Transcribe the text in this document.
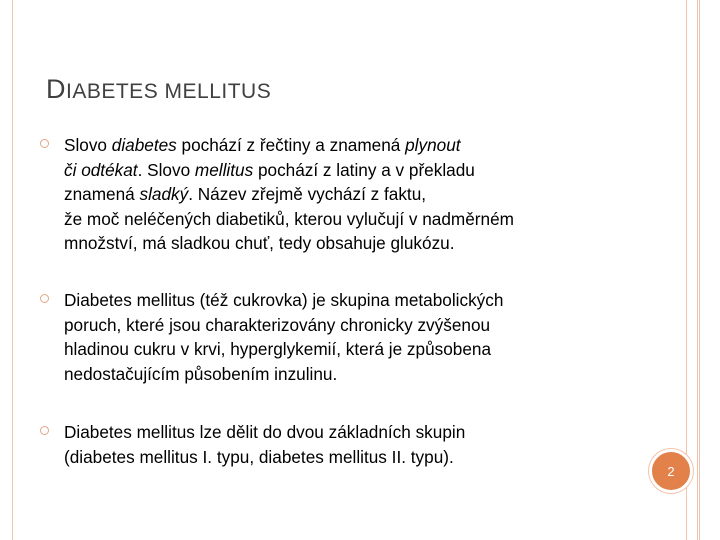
DIABETES MELLITUS
Slovo diabetes pochází z řečtiny a znamená plynout
či odtékat. Slovo mellitus pochází z latiny a v překladu
znamená sladký. Název zřejmě vychází z faktu,
že moč neléčených diabetiků, kterou vylučují v nadměrném
množství, má sladkou chuť, tedy obsahuje glukózu.
Diabetes mellitus (též cukrovka) je skupina metabolických
poruch, které jsou charakterizovány chronicky zvýšenou
hladinou cukru v krvi, hyperglykemií, která je způsobena
nedostačujícím působením inzulinu.
Diabetes mellitus lze dělit do dvou základních skupin
(diabetes mellitus I. typu, diabetes mellitus II. typu).
2
